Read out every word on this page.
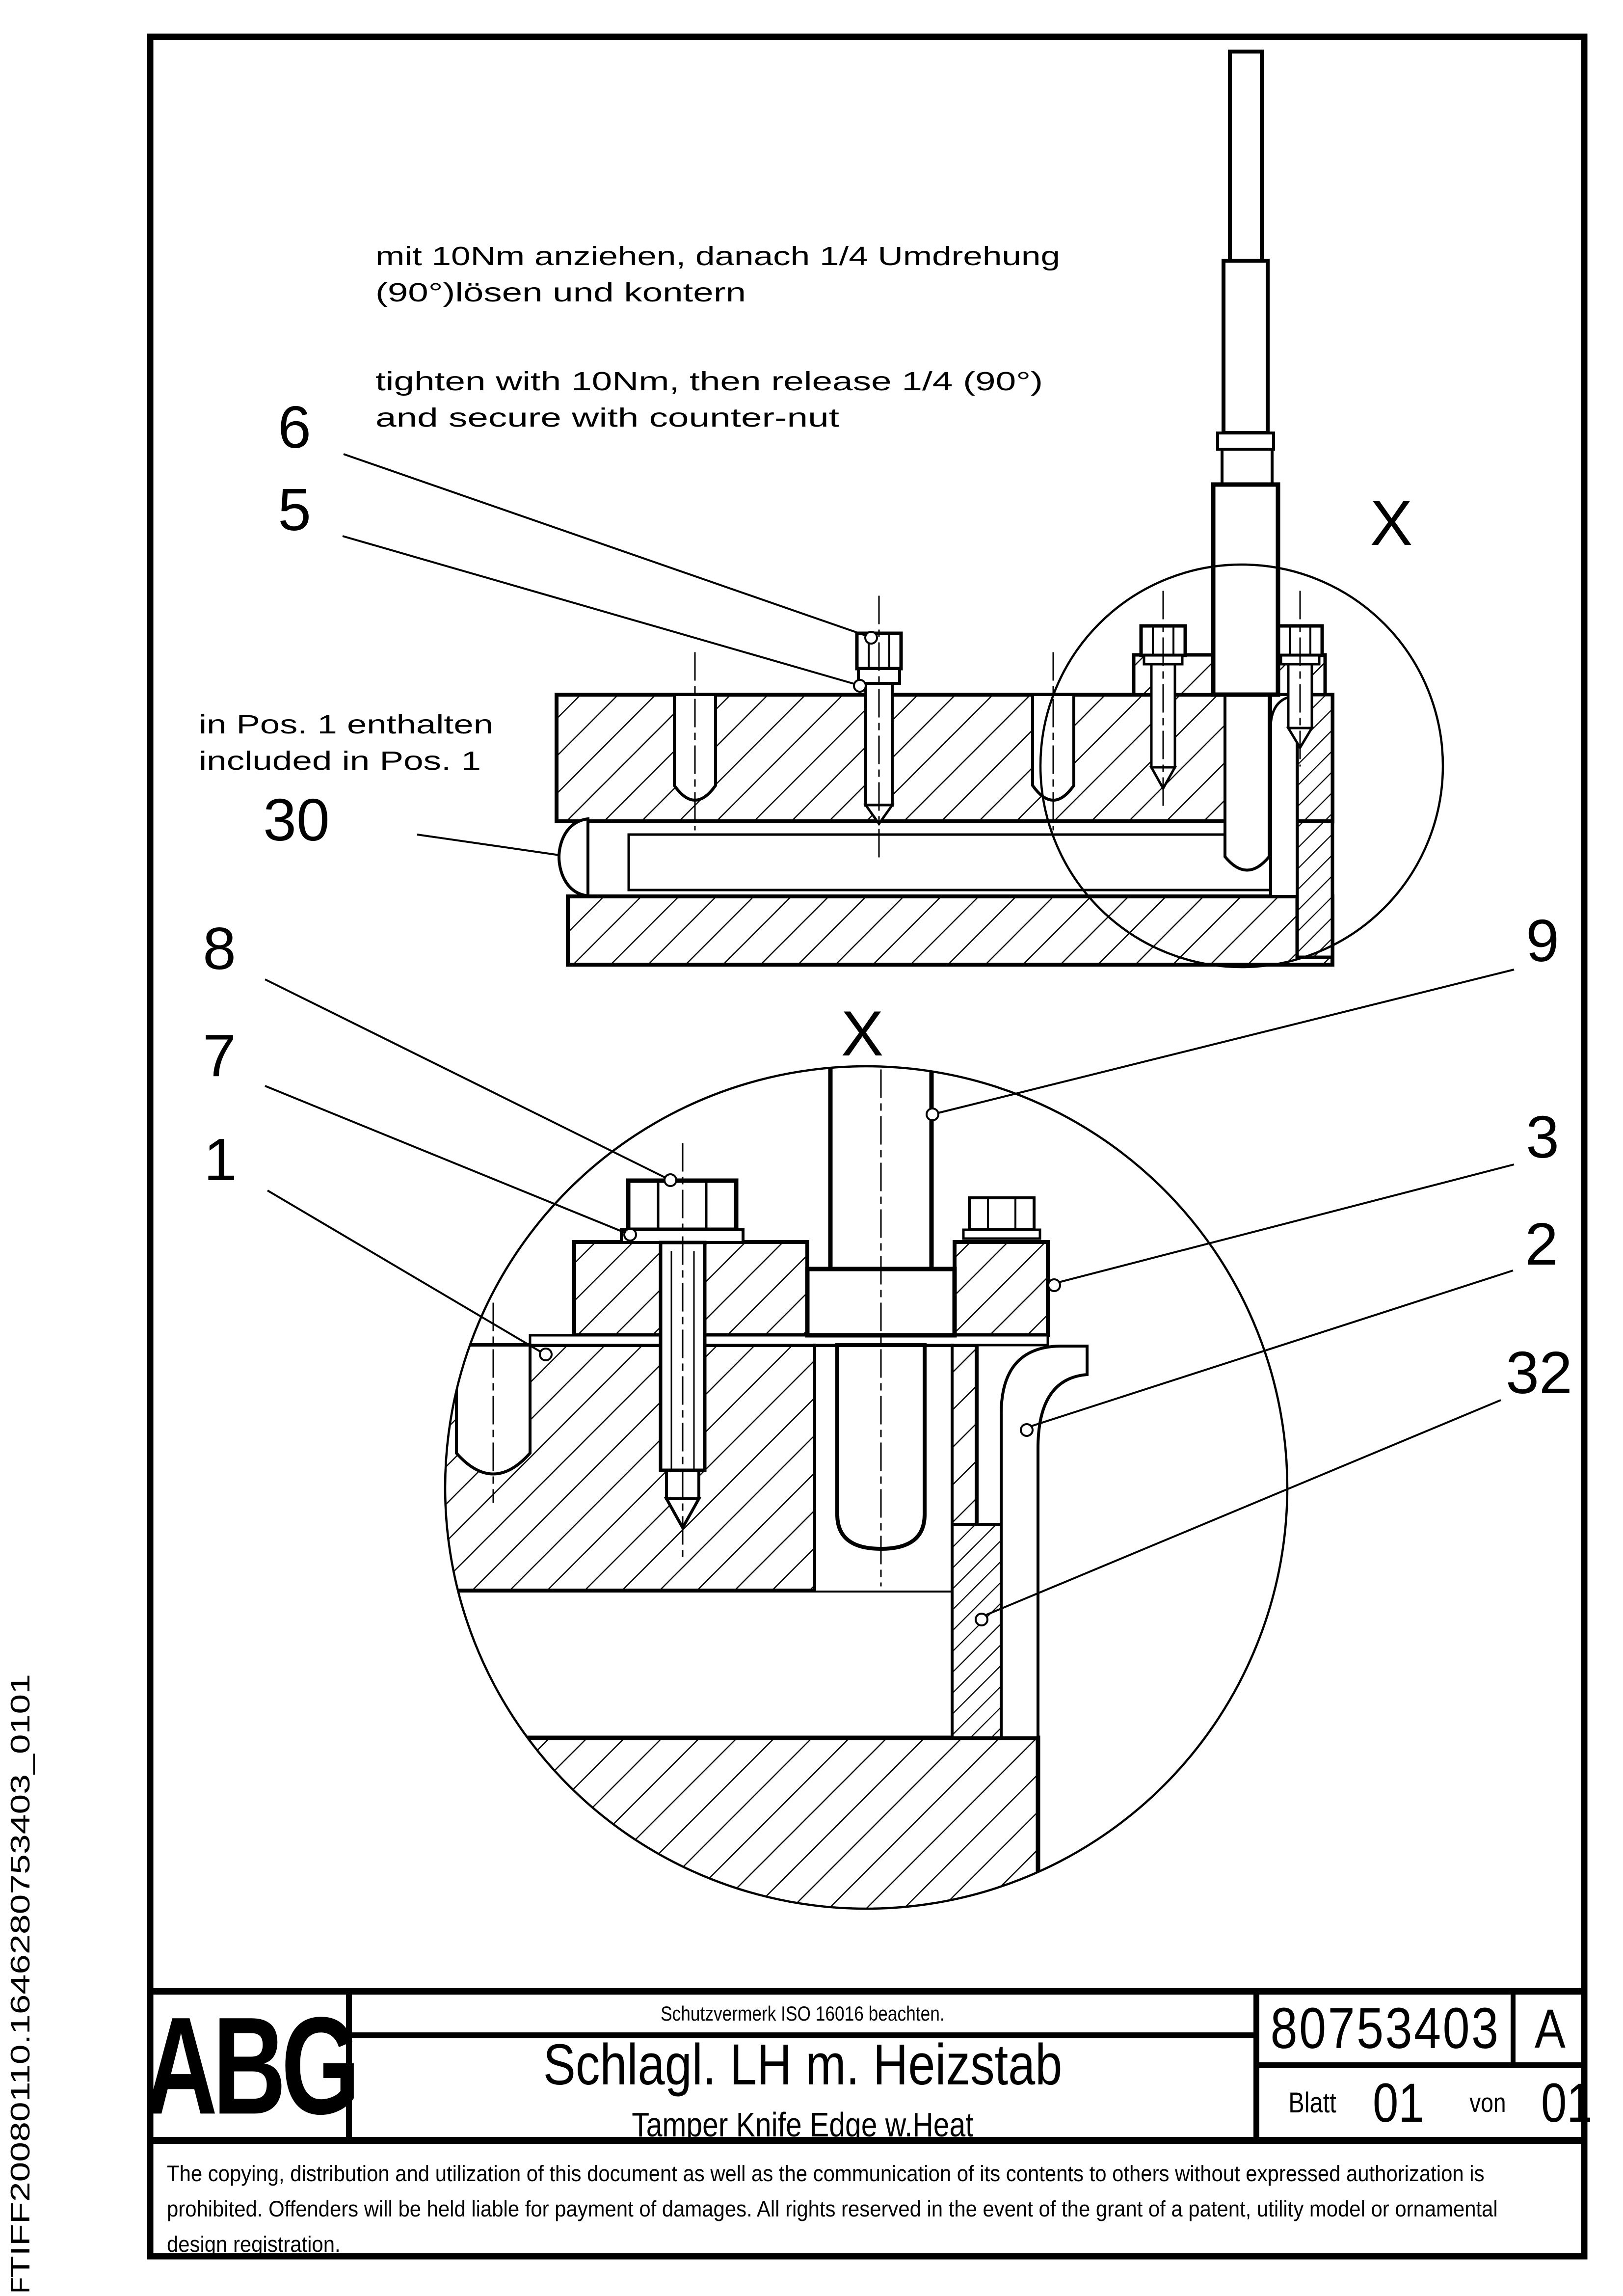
mit 10Nm anziehen, danach 1/4 Umdrehung
(90°)lösen und kontern
tighten with 10Nm, then release 1/4 (90°)
and secure with counter-nut
in Pos. 1 enthalten
included in Pos. 1
6
5
30
8
7
1
9
3
2
32
X
X
TIFF20080110.1646280753403_0101
F
ABG	Schutzvermerk ISO 16016 beachten.
Schlagl. LH m. Heizstab
Tamper Knife Edge w.Heat
80753403 A
Blatt 01 von 01
The copying, distribution and utilization of this document as well as the communication of its contents to others without expressed authorization is prohibited. Offenders will be held liable for payment of damages. All rights reserved in the event of the grant of a patent, utility model or ornamental design registration.
